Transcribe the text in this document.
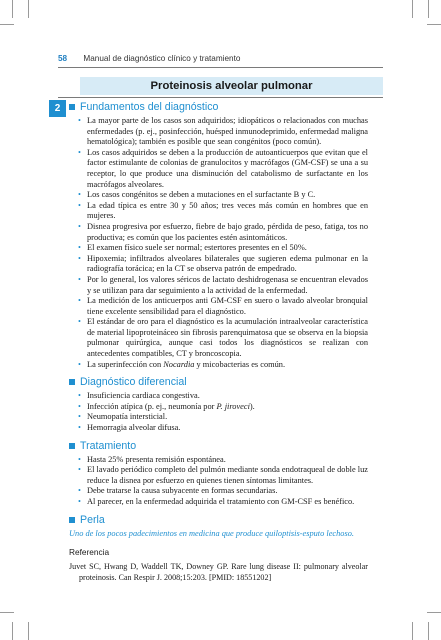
58 Manual de diagnóstico clínico y tratamiento
Proteinosis alveolar pulmonar
2	Fundamentos del diagnóstico
• La mayor parte de los casos son adquiridos; idiopáticos o relacionados con muchas enfermedades (p. ej., posinfección, huésped inmunodeprimido, enfermedad maligna hematológica); también es posible que sean congénitos (poco común).
• Los casos adquiridos se deben a la producción de autoanticuerpos que evitan que el factor estimulante de colonias de granulocitos y macrófagos (GM-CSF) se una a su receptor, lo que produce una disminución del catabolismo de surfactante en los macrófagos alveolares.
• Los casos congénitos se deben a mutaciones en el surfactante B y C.
• La edad típica es entre 30 y 50 años; tres veces más común en hombres que en mujeres.
• Disnea progresiva por esfuerzo, fiebre de bajo grado, pérdida de peso, fatiga, tos no productiva; es común que los pacientes estén asintomáticos.
• El examen físico suele ser normal; estertores presentes en el 50%.
• Hipoxemia; infiltrados alveolares bilaterales que sugieren edema pulmonar en la radiografía torácica; en la CT se observa patrón de empedrado.
• Por lo general, los valores séricos de lactato deshidrogenasa se encuentran elevados y se utilizan para dar seguimiento a la actividad de la enfermedad.
• La medición de los anticuerpos anti GM-CSF en suero o lavado alveolar bronquial tiene excelente sensibilidad para el diagnóstico.
• El estándar de oro para el diagnóstico es la acumulación intraalveolar característica de material lipoproteináceo sin fibrosis parenquimatosa que se observa en la biopsia pulmonar quirúrgica, aunque casi todos los diagnósticos se realizan con antecedentes compatibles, CT y broncoscopia.
• La superinfección con Nocardia y micobacterias es común.
Diagnóstico diferencial
• Insuficiencia cardiaca congestiva.
• Infección atípica (p. ej., neumonía por P. jiroveci).
• Neumopatía intersticial.
• Hemorragia alveolar difusa.
Tratamiento
• Hasta 25% presenta remisión espontánea.
• El lavado periódico completo del pulmón mediante sonda endotraqueal de doble luz reduce la disnea por esfuerzo en quienes tienen síntomas limitantes.
• Debe tratarse la causa subyacente en formas secundarias.
• Al parecer, en la enfermedad adquirida el tratamiento con GM-CSF es benéfico.
Perla
Uno de los pocos padecimientos en medicina que produce quiloptisis-esputo lechoso.
Referencia
Juvet SC, Hwang D, Waddell TK, Downey GP. Rare lung disease II: pulmonary alveolar proteinosis. Can Respir J. 2008;15:203. [PMID: 18551202]
